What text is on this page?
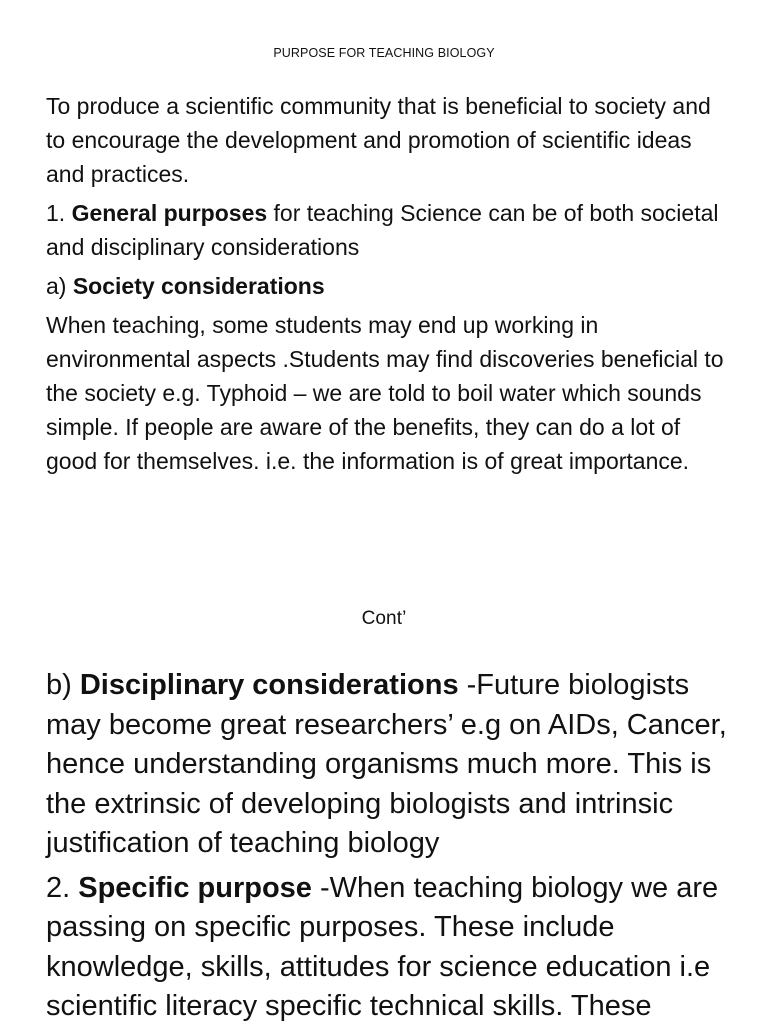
PURPOSE FOR TEACHING BIOLOGY

To produce a scientific community that is beneficial to society and to encourage the development and promotion of scientific ideas and practices.

1. General purposes for teaching Science can be of both societal and disciplinary considerations

a) Society considerations

When teaching, some students may end up working in environmental aspects .Students may find discoveries beneficial to the society e.g. Typhoid – we are told to boil water which sounds simple. If people are aware of the benefits, they can do a lot of good for themselves. i.e. the information is of great importance.

Cont’

b) Disciplinary considerations -Future biologists may become great researchers’ e.g on AIDs, Cancer, hence understanding organisms much more. This is the extrinsic of developing biologists and intrinsic justification of teaching biology

2. Specific purpose -When teaching biology we are passing on specific purposes. These include knowledge, skills, attitudes for science education i.e scientific literacy specific technical skills. These
